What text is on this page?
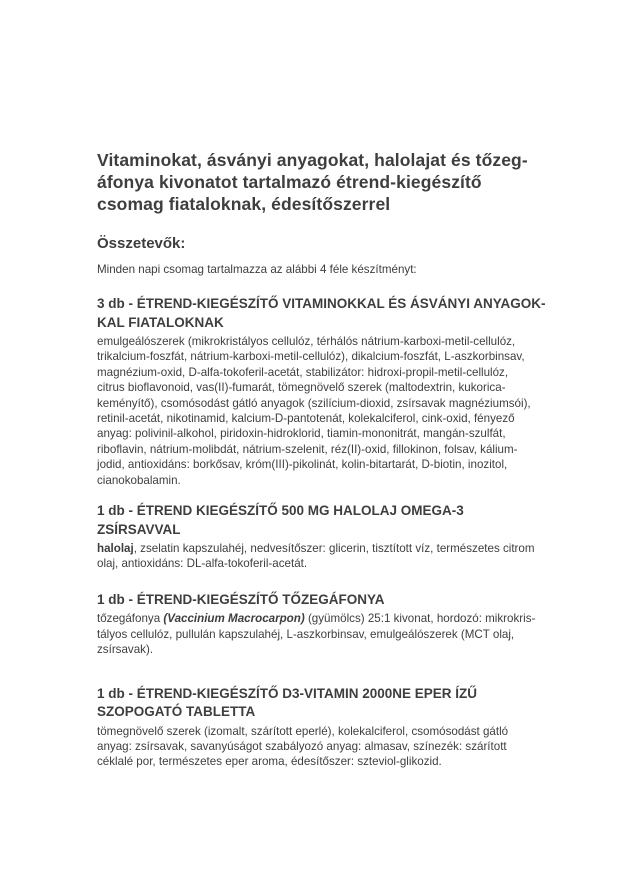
Vitaminokat, ásványi anyagokat, halolajat és tőzeg-
áfonya kivonatot tartalmazó étrend-kiegészítő
csomag fiataloknak, édesítőszerrel
Összetevők:

Minden napi csomag tartalmazza az alábbi 4 féle készítményt:

3 db - ÉTREND-KIEGÉSZÍTŐ VITAMINOKKAL ÉS ÁSVÁNYI ANYAGOK-
KAL FIATALOKNAK

emulgeálószerek (mikrokristályos cellulóz, térhálós nátrium-karboxi-metil-cellulóz,
trikalcium-foszfát, nátrium-karboxi-metil-cellulóz), dikalcium-foszfát, L-aszkorbinsav,
magnézium-oxid, D-alfa-tokoferil-acetát, stabilizátor: hidroxi-propil-metil-cellulóz,
citrus bioflavonoid, vas(II)-fumarát, tömegnövelő szerek (maltodextrin, kukorica-
keményítő), csomósodást gátló anyagok (szilícium-dioxid, zsírsavak magnéziumsói),
retinil-acetát, nikotinamid, kalcium-D-pantotenát, kolekalciferol, cink-oxid, fényező
anyag: polivinil-alkohol, piridoxin-hidroklorid, tiamin-mononitrát, mangán-szulfát,
riboflavin, nátrium-molibdát, nátrium-szelenit, réz(II)-oxid, fillokinon, folsav, kálium-
jodid, antioxidáns: borkősav, króm(III)-pikolinát, kolin-bitartarát, D-biotin, inozitol,
cianokobalamin.

1 db - ÉTREND KIEGÉSZÍTŐ 500 MG HALOLAJ OMEGA-3
ZSÍRSAVVAL

halolaj, zselatin kapszulahéj, nedvesítőszer: glicerin, tisztított víz, természetes citrom
olaj, antioxidáns: DL-alfa-tokoferil-acetát.

1 db - ÉTREND-KIEGÉSZÍTŐ TŐZEGÁFONYA

tőzegáfonya (Vaccinium Macrocarpon) (gyümölcs) 25:1 kivonat, hordozó: mikrokris-
tályos cellulóz, pullulán kapszulahéj, L-aszkorbinsav, emulgeálószerek (MCT olaj,
zsírsavak).

1 db - ÉTREND-KIEGÉSZÍTŐ D3-VITAMIN 2000NE EPER ÍZŰ
SZOPOGATÓ TABLETTA

tömegnövelő szerek (izomalt, szárított eperlé), kolekalciferol, csomósodást gátló
anyag: zsírsavak, savanyúságot szabályozó anyag: almasav, színezék: szárított
céklalé por, természetes eper aroma, édesítőszer: szteviol-glikozid.
